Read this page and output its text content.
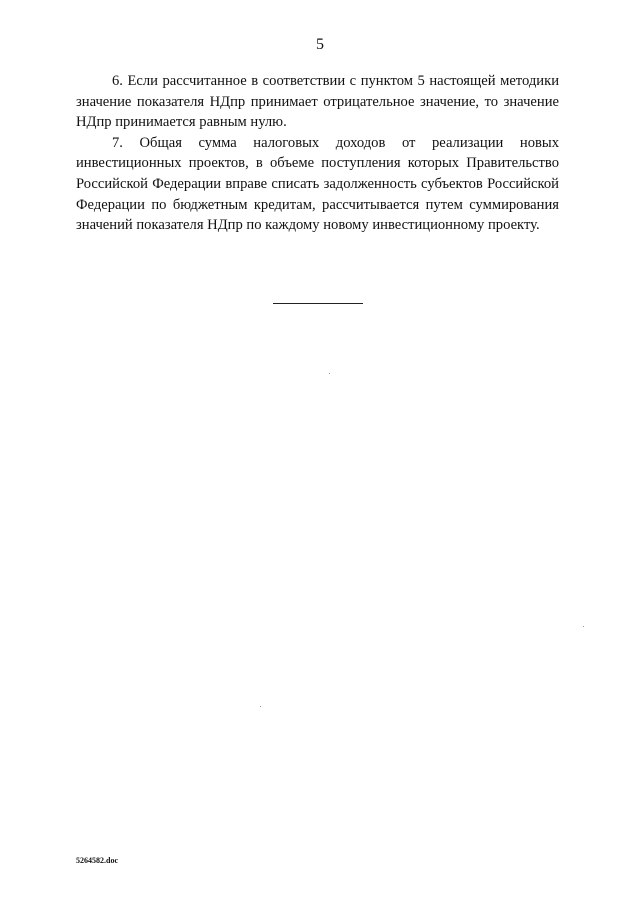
5

6. Если рассчитанное в соответствии с пунктом 5 настоящей методики значение показателя НДпр принимает отрицательное значение, то значение НДпр принимается равным нулю.

7. Общая сумма налоговых доходов от реализации новых инвестиционных проектов, в объеме поступления которых Правительство Российской Федерации вправе списать задолженность субъектов Российской Федерации по бюджетным кредитам, рассчитывается путем суммирования значений показателя НДпр по каждому новому инвестиционному проекту.

5264582.doc
